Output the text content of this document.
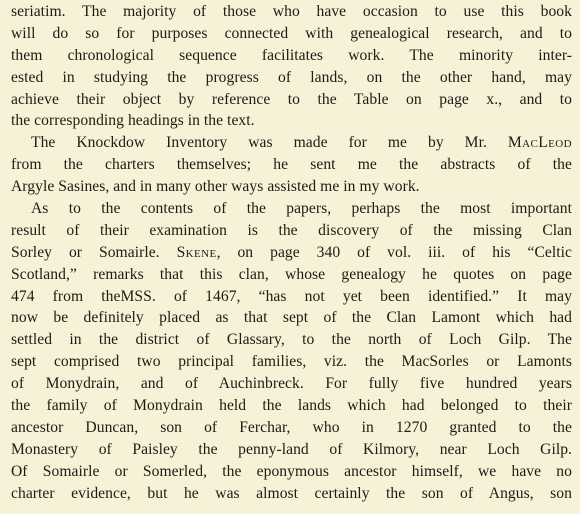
seriatim. The majority of those who have occasion to use this book
will do so for purposes connected with genealogical research, and to
them chronological sequence facilitates work. The minority inter-
ested in studying the progress of lands, on the other hand, may
achieve their object by reference to the Table on page x., and to
the corresponding headings in the text.
The Knockdow Inventory was made for me by Mr. MacLeod
from the charters themselves; he sent me the abstracts of the
Argyle Sasines, and in many other ways assisted me in my work.
As to the contents of the papers, perhaps the most important
result of their examination is the discovery of the missing Clan
Sorley or Somairle. Skene, on page 340 of vol. iii. of his “Celtic
Scotland,” remarks that this clan, whose genealogy he quotes on page
474 from theMSS. of 1467, “has not yet been identified.” It may
now be definitely placed as that sept of the Clan Lamont which had
settled in the district of Glassary, to the north of Loch Gilp. The
sept comprised two principal families, viz. the MacSorles or Lamonts
of Monydrain, and of Auchinbreck. For fully five hundred years
the family of Monydrain held the lands which had belonged to their
ancestor Duncan, son of Ferchar, who in 1270 granted to the
Monastery of Paisley the penny-land of Kilmory, near Loch Gilp.
Of Somairle or Somerled, the eponymous ancestor himself, we have no
charter evidence, but he was almost certainly the son of Angus, son
